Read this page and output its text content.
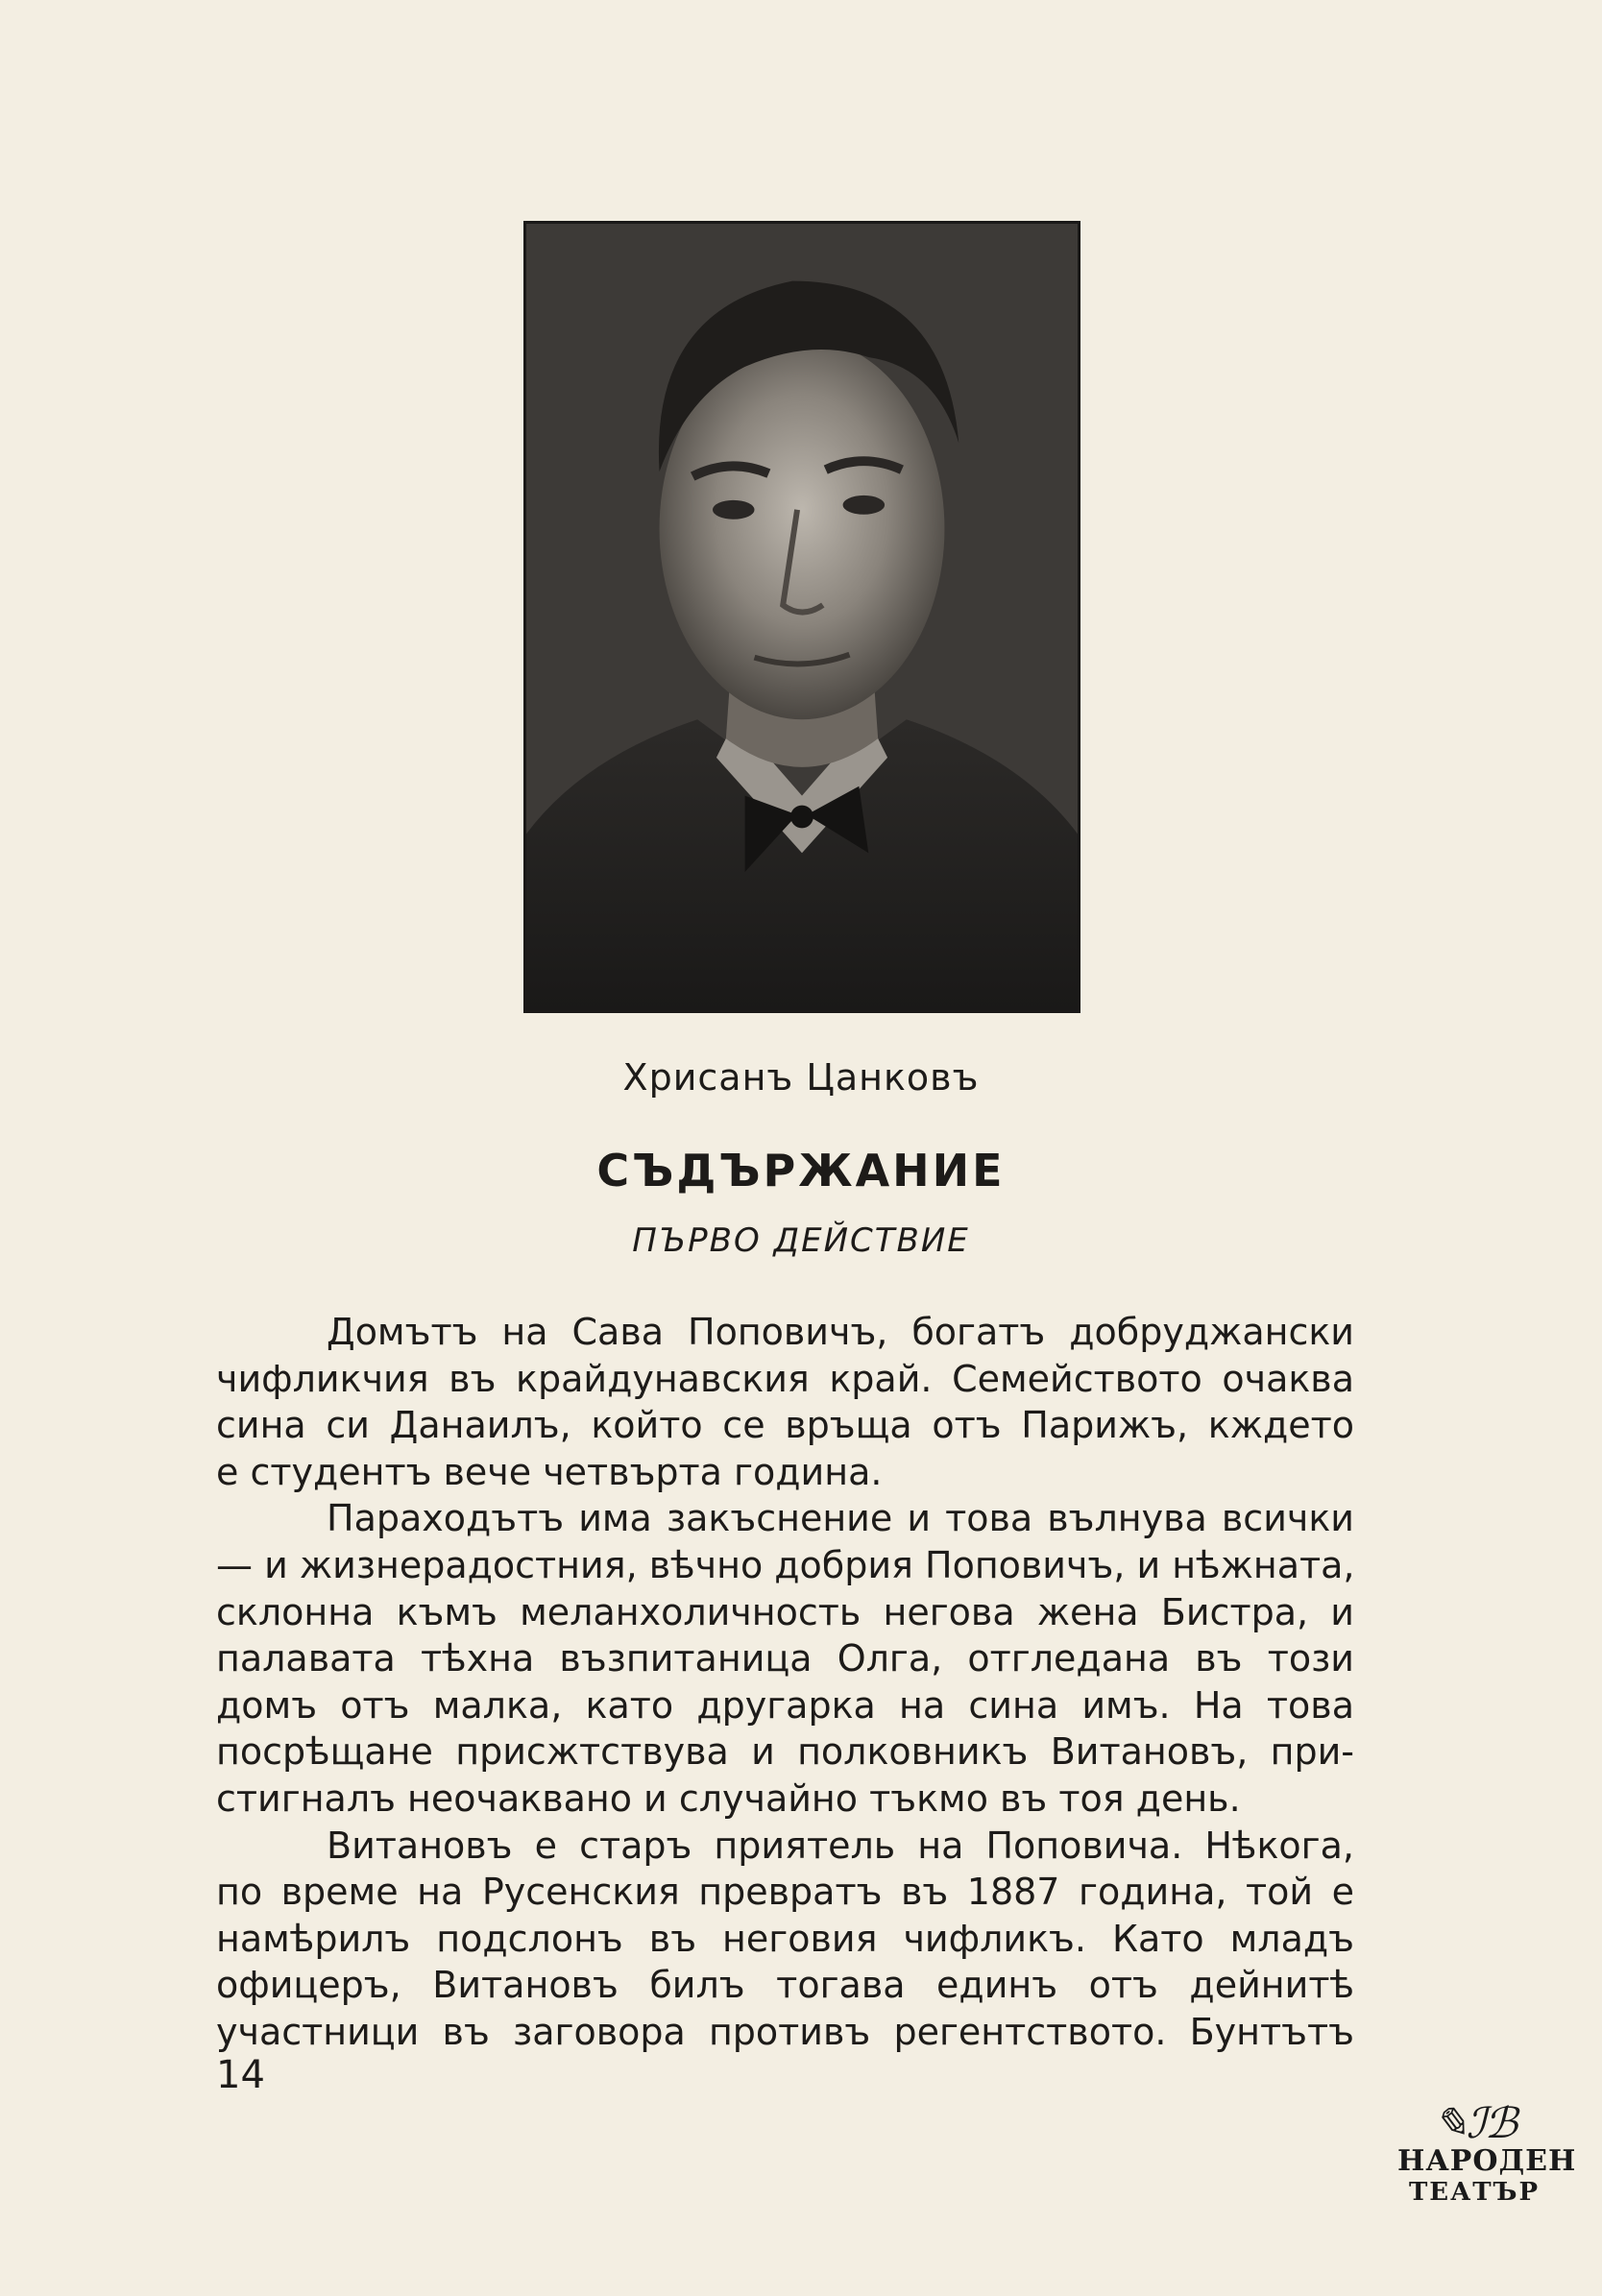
Хрисанъ Цанковъ
СЪДЪРЖАНИЕ
ПЪРВО ДЕЙСТВИЕ
Домътъ на Сава Поповичъ, богатъ добруджански
чифликчия въ крайдунавския край. Семейството очаква
сина си Данаилъ, който се връща отъ Парижъ, кждето
е студентъ вече четвърта година.
Параходътъ има закъснение и това вълнува всички
— и жизнерадостния, вѣчно добрия Поповичъ, и нѣжната,
склонна къмъ меланхоличность негова жена Бистра, и
палавата тѣхна възпитаница Олга, отгледана въ този
домъ отъ малка, като другарка на сина имъ. На това
посрѣщане присжтствува и полковникъ Витановъ, при-
стигналъ неочаквано и случайно тъкмо въ тоя день.
Витановъ е старъ приятель на Поповича. Нѣкога,
по време на Русенския превратъ въ 1887 година, той е
намѣрилъ подслонъ въ неговия чифликъ. Като младъ
офицеръ, Витановъ билъ тогава единъ отъ дейнитѣ
участници въ заговора противъ регентството. Бунтътъ
14
✎ℐℬ
НАРОДЕН
ТЕАТЪР
